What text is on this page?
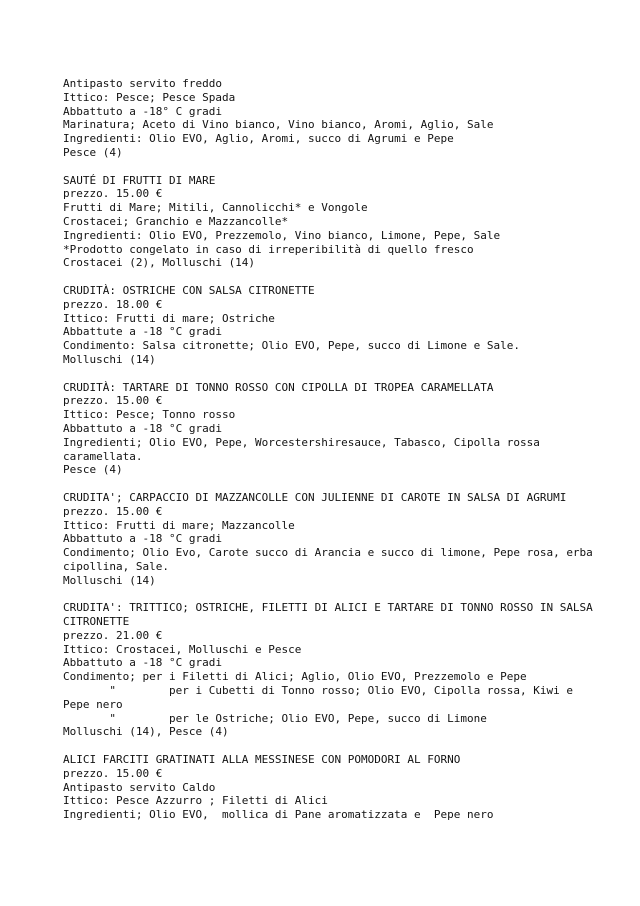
Antipasto servito freddo
Ittico: Pesce; Pesce Spada
Abbattuto a -18° C gradi
Marinatura; Aceto di Vino bianco, Vino bianco, Aromi, Aglio, Sale
Ingredienti: Olio EVO, Aglio, Aromi, succo di Agrumi e Pepe
Pesce (4)
SAUTÉ DI FRUTTI DI MARE
prezzo. 15.00 €
Frutti di Mare; Mitili, Cannolicchi* e Vongole
Crostacei; Granchio e Mazzancolle*
Ingredienti: Olio EVO, Prezzemolo, Vino bianco, Limone, Pepe, Sale
*Prodotto congelato in caso di irreperibilità di quello fresco
Crostacei (2), Molluschi (14)
CRUDITÀ: OSTRICHE CON SALSA CITRONETTE
prezzo. 18.00 €
Ittico: Frutti di mare; Ostriche
Abbattute a -18 °C gradi
Condimento: Salsa citronette; Olio EVO, Pepe, succo di Limone e Sale.
Molluschi (14)
CRUDITÀ: TARTARE DI TONNO ROSSO CON CIPOLLA DI TROPEA CARAMELLATA
prezzo. 15.00 €
Ittico: Pesce; Tonno rosso
Abbattuto a -18 °C gradi
Ingredienti; Olio EVO, Pepe, Worcestershiresauce, Tabasco, Cipolla rossa
caramellata.
Pesce (4)
CRUDITA'; CARPACCIO DI MAZZANCOLLE CON JULIENNE DI CAROTE IN SALSA DI AGRUMI
prezzo. 15.00 €
Ittico: Frutti di mare; Mazzancolle
Abbattuto a -18 °C gradi
Condimento; Olio Evo, Carote succo di Arancia e succo di limone, Pepe rosa, erba
cipollina, Sale.
Molluschi (14)
CRUDITA': TRITTICO; OSTRICHE, FILETTI DI ALICI E TARTARE DI TONNO ROSSO IN SALSA
CITRONETTE
prezzo. 21.00 €
Ittico: Crostacei, Molluschi e Pesce
Abbattuto a -18 °C gradi
Condimento; per i Filetti di Alici; Aglio, Olio EVO, Prezzemolo e Pepe
"        per i Cubetti di Tonno rosso; Olio EVO, Cipolla rossa, Kiwi e
Pepe nero
"        per le Ostriche; Olio EVO, Pepe, succo di Limone
Molluschi (14), Pesce (4)
ALICI FARCITI GRATINATI ALLA MESSINESE CON POMODORI AL FORNO
prezzo. 15.00 €
Antipasto servito Caldo
Ittico: Pesce Azzurro ; Filetti di Alici
Ingredienti; Olio EVO,  mollica di Pane aromatizzata e  Pepe nero
